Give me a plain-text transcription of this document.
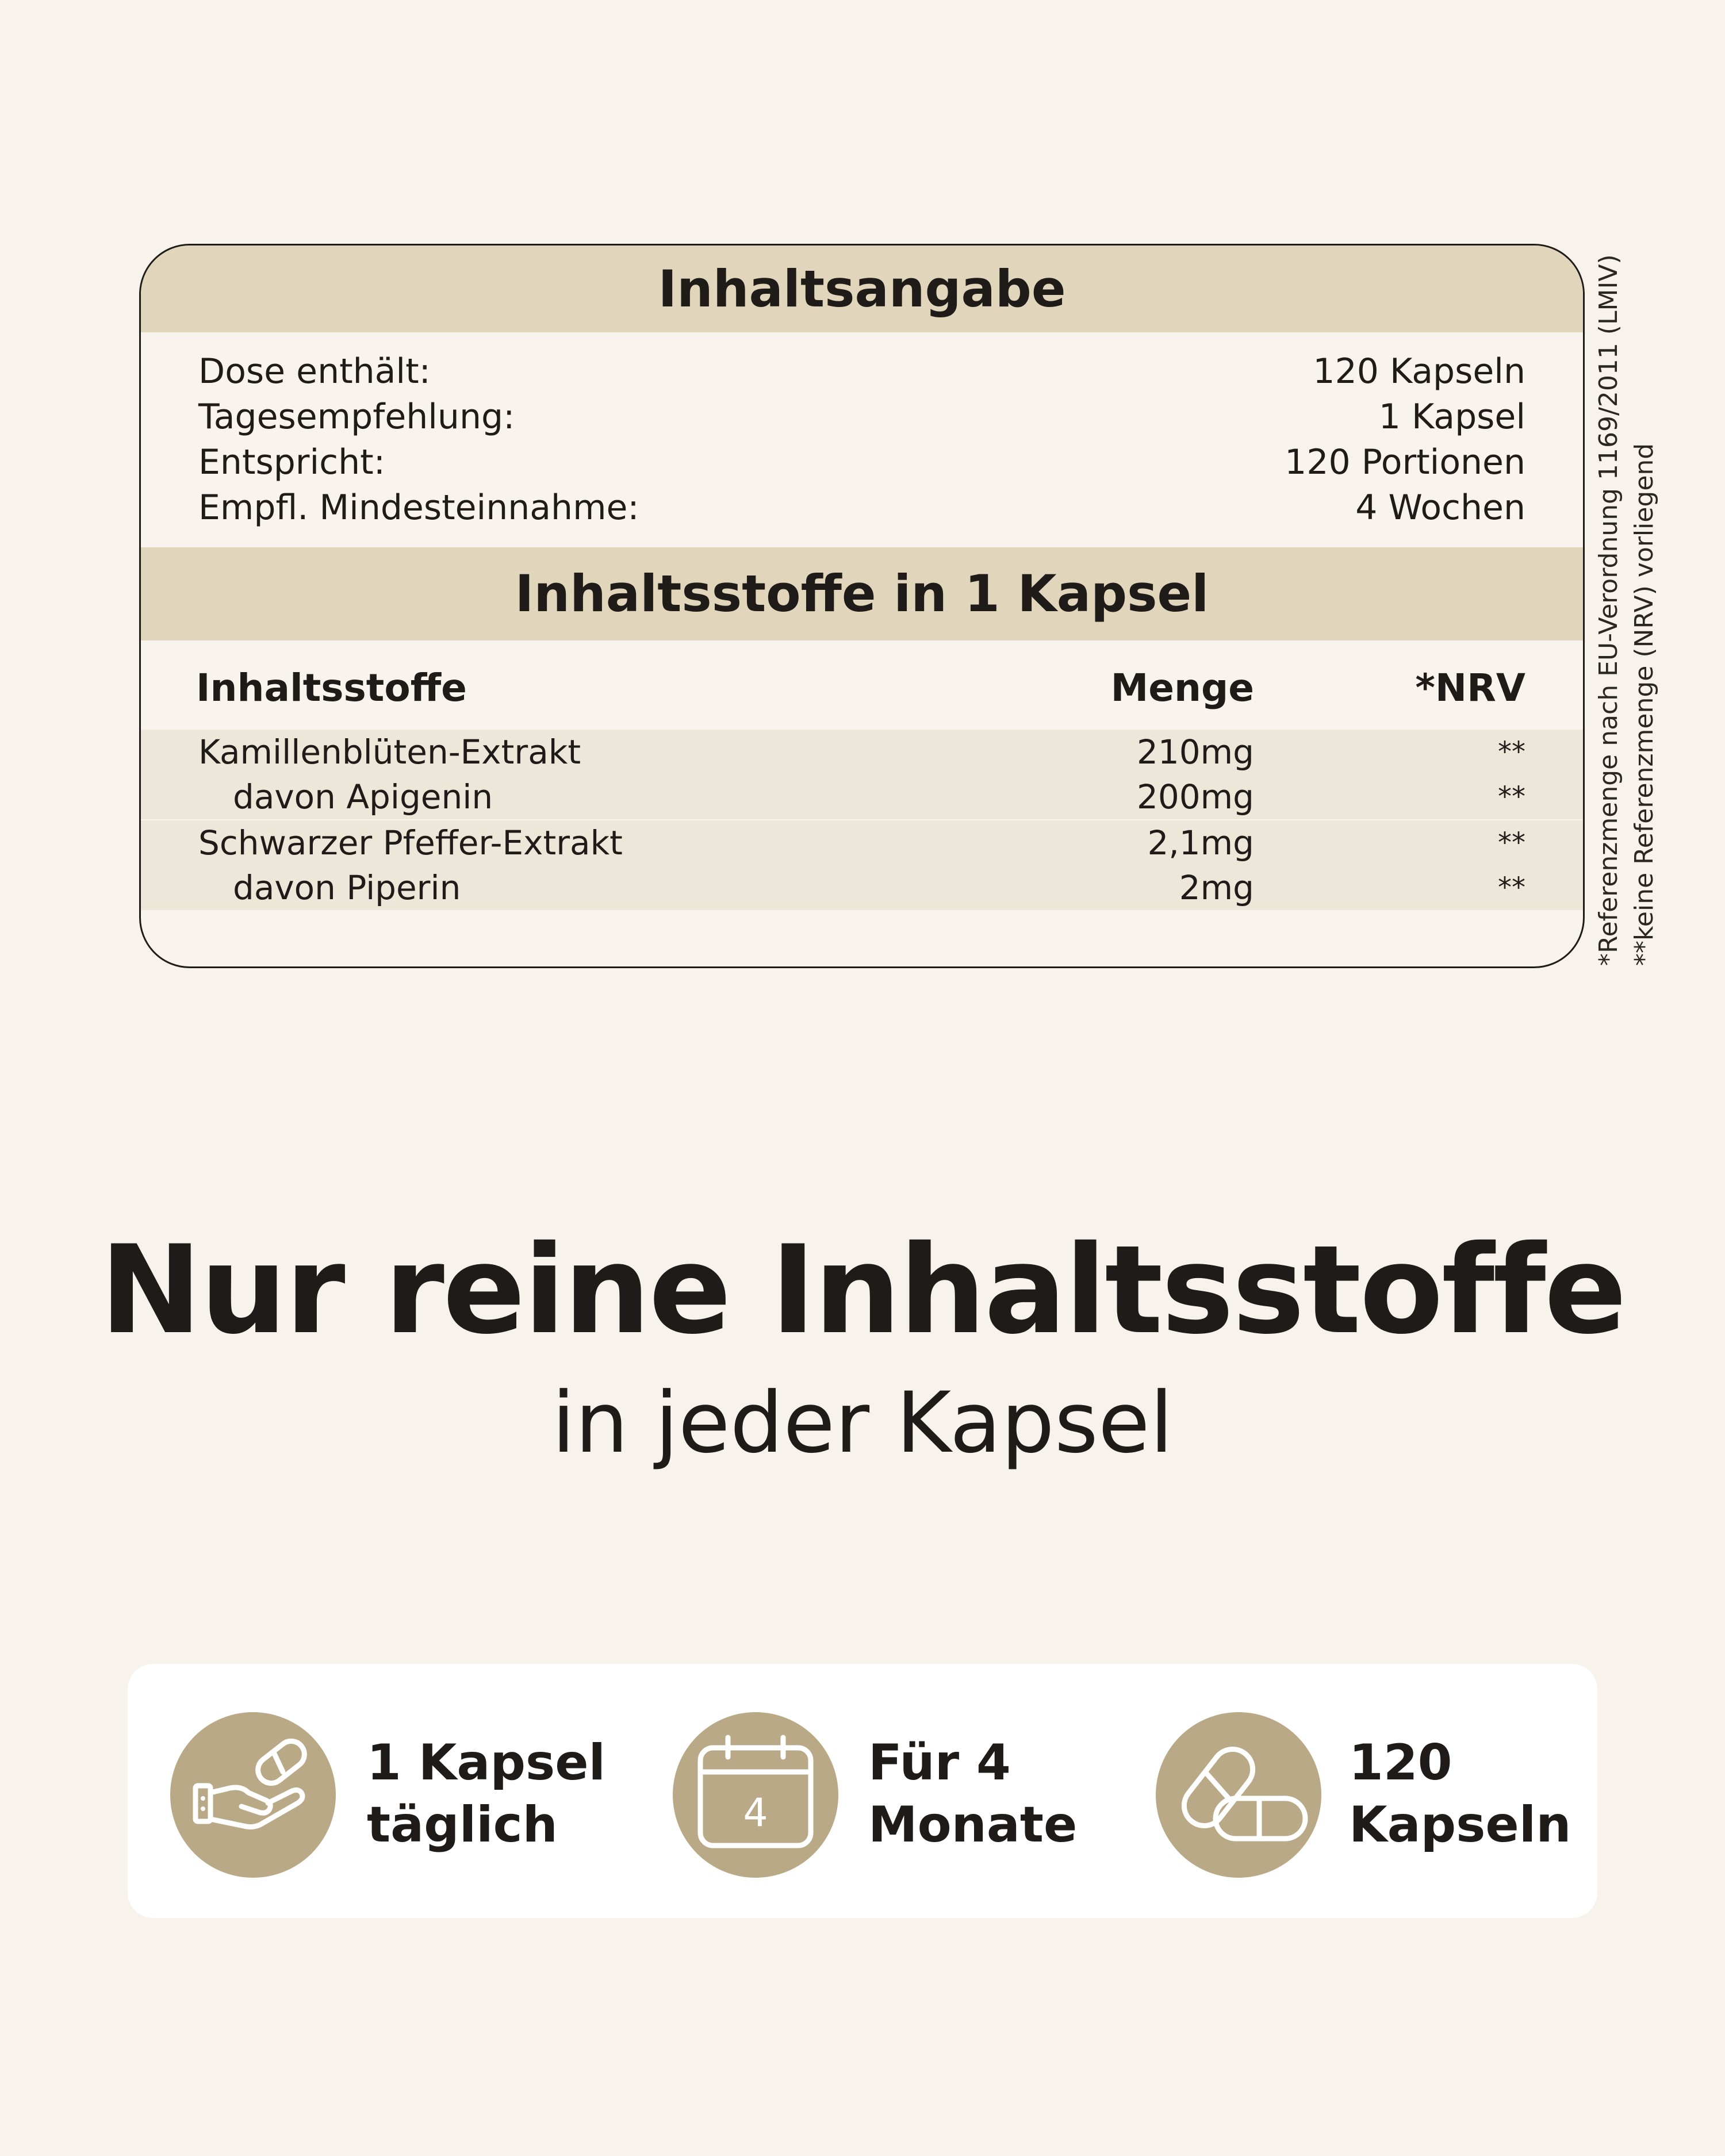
Inhaltsangabe
Dose enthält:	120 Kapseln
Tagesempfehlung:	1 Kapsel
Entspricht:	120 Portionen
Empfl. Mindesteinnahme:	4 Wochen
Inhaltsstoffe in 1 Kapsel
Inhaltsstoffe	Menge	*NRV
Kamillenblüten-Extrakt	210mg	**
davon Apigenin	200mg	**
Schwarzer Pfeffer-Extrakt	2,1mg	**
davon Piperin	2mg	**	*Referenzmenge nach EU-Verordnung 1169/2011 (LMIV) **keine Referenzmenge (NRV) vorliegend
Nur reine Inhaltsstoffe
in jeder Kapsel
1 Kapsel
täglich	4
Für 4
Monate
120
Kapseln
